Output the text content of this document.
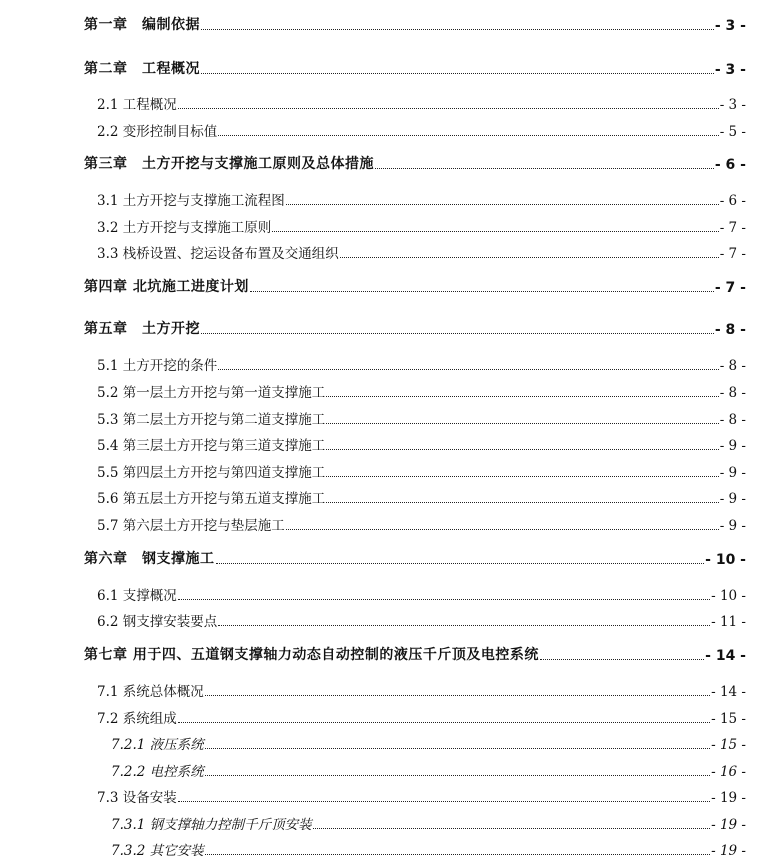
第一章　编制依据	- 3 -
第二章　工程概况	- 3 -
2.1 工程概况	- 3 -
2.2 变形控制目标值	- 5 -
第三章　土方开挖与支撑施工原则及总体措施	- 6 -
3.1 土方开挖与支撑施工流程图	- 6 -
3.2 土方开挖与支撑施工原则	- 7 -
3.3 栈桥设置、挖运设备布置及交通组织	- 7 -
第四章 北坑施工进度计划	- 7 -
第五章　土方开挖	- 8 -
5.1 土方开挖的条件	- 8 -
5.2 第一层土方开挖与第一道支撑施工	- 8 -
5.3 第二层土方开挖与第二道支撑施工	- 8 -
5.4 第三层土方开挖与第三道支撑施工	- 9 -
5.5 第四层土方开挖与第四道支撑施工	- 9 -
5.6 第五层土方开挖与第五道支撑施工	- 9 -
5.7 第六层土方开挖与垫层施工	- 9 -
第六章　钢支撑施工	- 10 -
6.1 支撑概况	- 10 -
6.2 钢支撑安装要点	- 11 -
第七章 用于四、五道钢支撑轴力动态自动控制的液压千斤顶及电控系统	- 14 -
7.1 系统总体概况	- 14 -
7.2 系统组成	- 15 -
7.2.1 液压系统	- 15 -
7.2.2 电控系统	- 16 -
7.3 设备安装	- 19 -
7.3.1 钢支撑轴力控制千斤顶安装	- 19 -
7.3.2 其它安装	- 19 -
